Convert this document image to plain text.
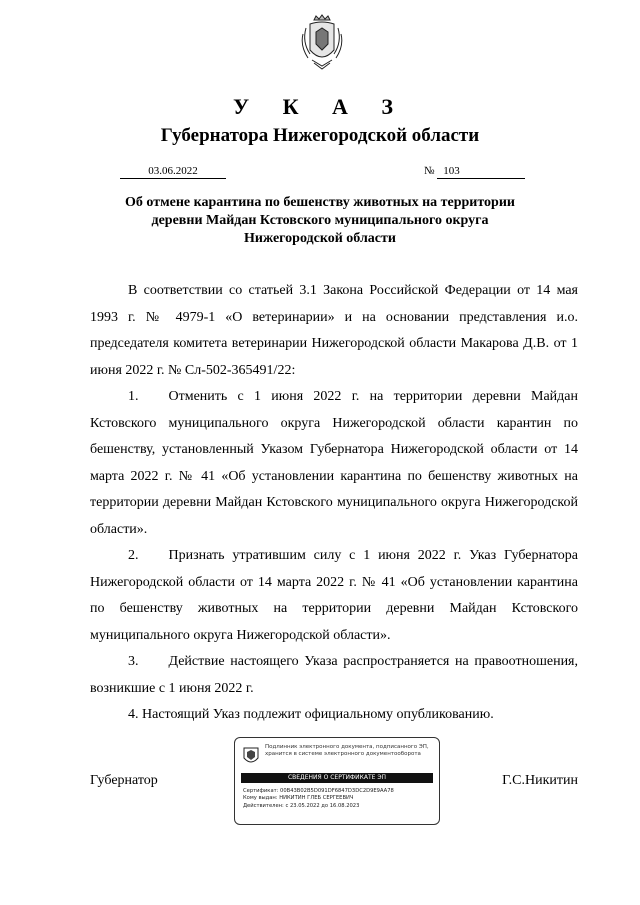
У К А З
Губернатора Нижегородской области
03.06.2022	№ 103
Об отмене карантина по бешенству животных на территории
деревни Майдан Кстовского муниципального округа
Нижегородской области

В соответствии со статьей 3.1 Закона Российской Федерации от 14 мая 1993 г. № 4979-1 «О ветеринарии» и на основании представления и.о. председателя комитета ветеринарии Нижегородской области Макарова Д.В. от 1 июня 2022 г. № Сл-502-365491/22:

1. Отменить с 1 июня 2022 г. на территории деревни Майдан Кстовского муниципального округа Нижегородской области карантин по бешенству, установленный Указом Губернатора Нижегородской области от 14 марта 2022 г. № 41 «Об установлении карантина по бешенству животных на территории деревни Майдан Кстовского муниципального округа Нижегородской области».

2. Признать утратившим силу с 1 июня 2022 г. Указ Губернатора Нижегородской области от 14 марта 2022 г. № 41 «Об установлении карантина по бешенству животных на территории деревни Майдан Кстовского муниципального округа Нижегородской области».

3. Действие настоящего Указа распространяется на правоотношения, возникшие с 1 июня 2022 г.

4. Настоящий Указ подлежит официальному опубликованию.

Губернатор	Г.С.Никитин
Подлинник электронного документа, подписанного ЭП,
хранится в системе электронного документооборота
СВЕДЕНИЯ О СЕРТИФИКАТЕ ЭП
Сертификат: 00B43B02B5D091DF6847D3DC2D9E9AA78
Кому выдан: НИКИТИН ГЛЕБ СЕРГЕЕВИЧ
Действителен: с 23.05.2022 до 16.08.2023
